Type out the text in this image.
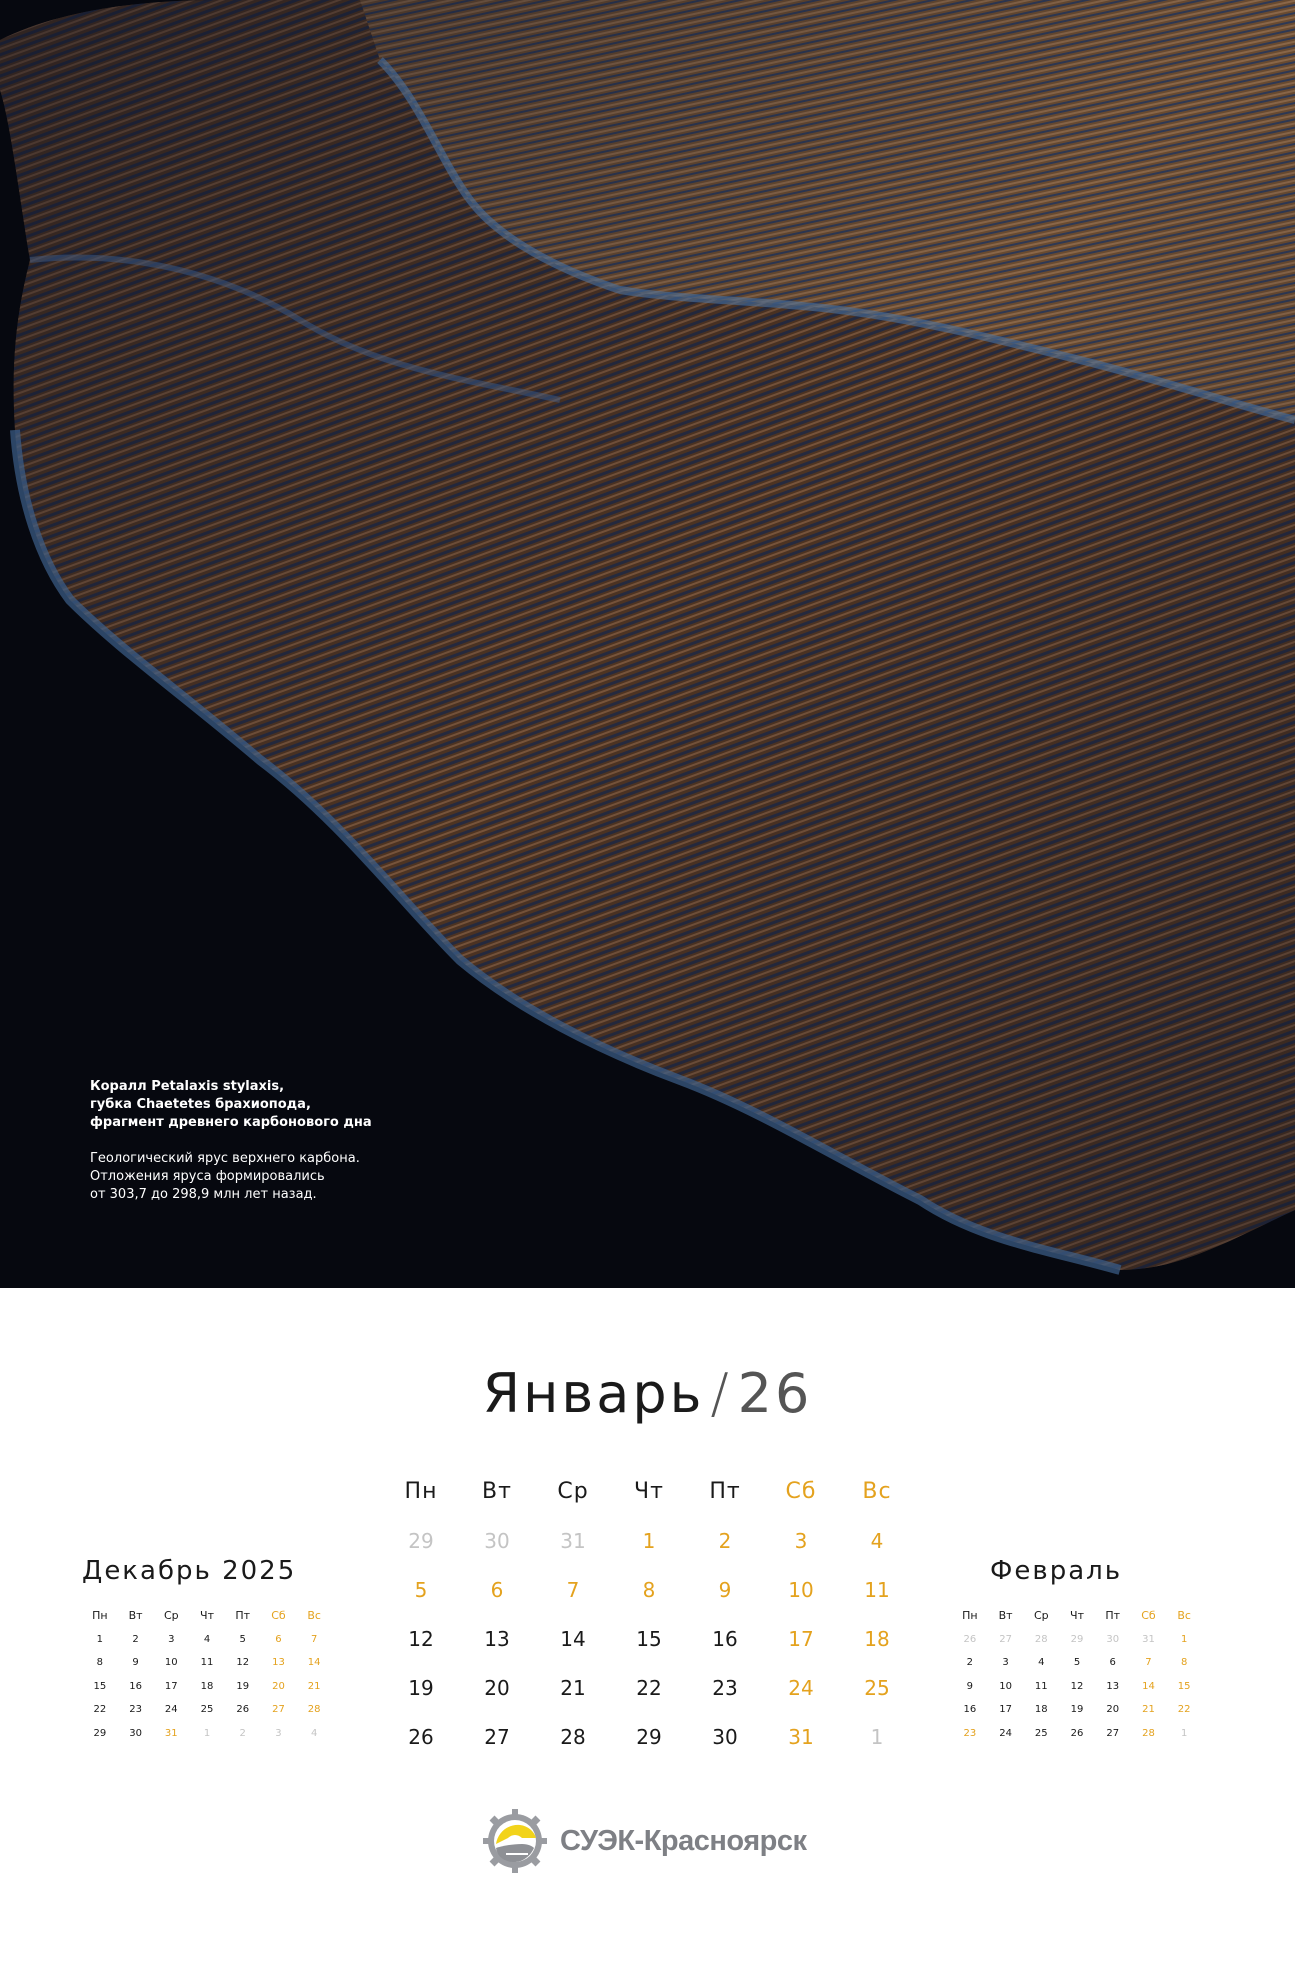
Коралл Petalaxis stylaxis,
губка Chaetetes брахиопода,
фрагмент древнего карбонового дна
Геологический ярус верхнего карбона.
Отложения яруса формировались
от 303,7 до 298,9 млн лет назад.
Январь / 26
Пн	Вт	Ср	Чт	Пт	Сб	Вс
29	30	31	1	2	3	4
5	6	7	8	9	10	11
12	13	14	15	16	17	18
19	20	21	22	23	24	25
26	27	28	29	30	31	1
Декабрь 2025
Пн	Вт	Ср	Чт	Пт	Сб	Вс
1	2	3	4	5	6	7
8	9	10	11	12	13	14
15	16	17	18	19	20	21
22	23	24	25	26	27	28
29	30	31	1	2	3	4
Февраль
Пн	Вт	Ср	Чт	Пт	Сб	Вс
26	27	28	29	30	31	1
2	3	4	5	6	7	8
9	10	11	12	13	14	15
16	17	18	19	20	21	22
23	24	25	26	27	28	1
СУЭК-Красноярск
